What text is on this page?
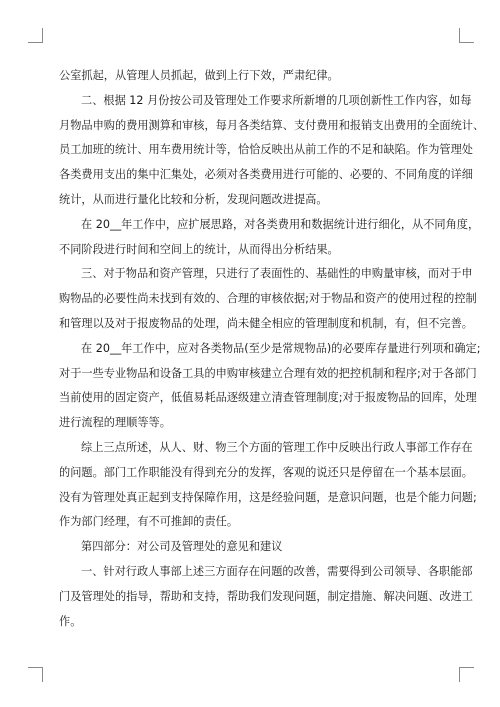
公室抓起，从管理人员抓起，做到上行下效，严肃纪律。

二、根据 12 月份按公司及管理处工作要求所新增的几项创新性工作内容，如每
月物品申购的费用测算和审核，每月各类结算、支付费用和报销支出费用的全面统计、
员工加班的统计、用车费用统计等，恰恰反映出从前工作的不足和缺陷。作为管理处
各类费用支出的集中汇集处，必须对各类费用进行可能的、必要的、不同角度的详细
统计，从而进行量化比较和分析，发现问题改进提高。

在 20__年工作中，应扩展思路，对各类费用和数据统计进行细化，从不同角度，
不同阶段进行时间和空间上的统计，从而得出分析结果。

三、对于物品和资产管理，只进行了表面性的、基础性的申购量审核，而对于申
购物品的必要性尚未找到有效的、合理的审核依据;对于物品和资产的使用过程的控制
和管理以及对于报废物品的处理，尚未健全相应的管理制度和机制，有，但不完善。

在 20__年工作中，应对各类物品(至少是常规物品)的必要库存量进行列项和确定;
对于一些专业物品和设备工具的申购审核建立合理有效的把控机制和程序;对于各部门
当前使用的固定资产，低值易耗品逐级建立清查管理制度;对于报废物品的回库，处理
进行流程的理顺等等。

综上三点所述，从人、财、物三个方面的管理工作中反映出行政人事部工作存在
的问题。部门工作职能没有得到充分的发挥，客观的说还只是停留在一个基本层面。
没有为管理处真正起到支持保障作用，这是经验问题，是意识问题，也是个能力问题;
作为部门经理，有不可推卸的责任。

第四部分：对公司及管理处的意见和建议

一、针对行政人事部上述三方面存在问题的改善，需要得到公司领导、各职能部
门及管理处的指导，帮助和支持，帮助我们发现问题，制定措施、解决问题、改进工
作。
